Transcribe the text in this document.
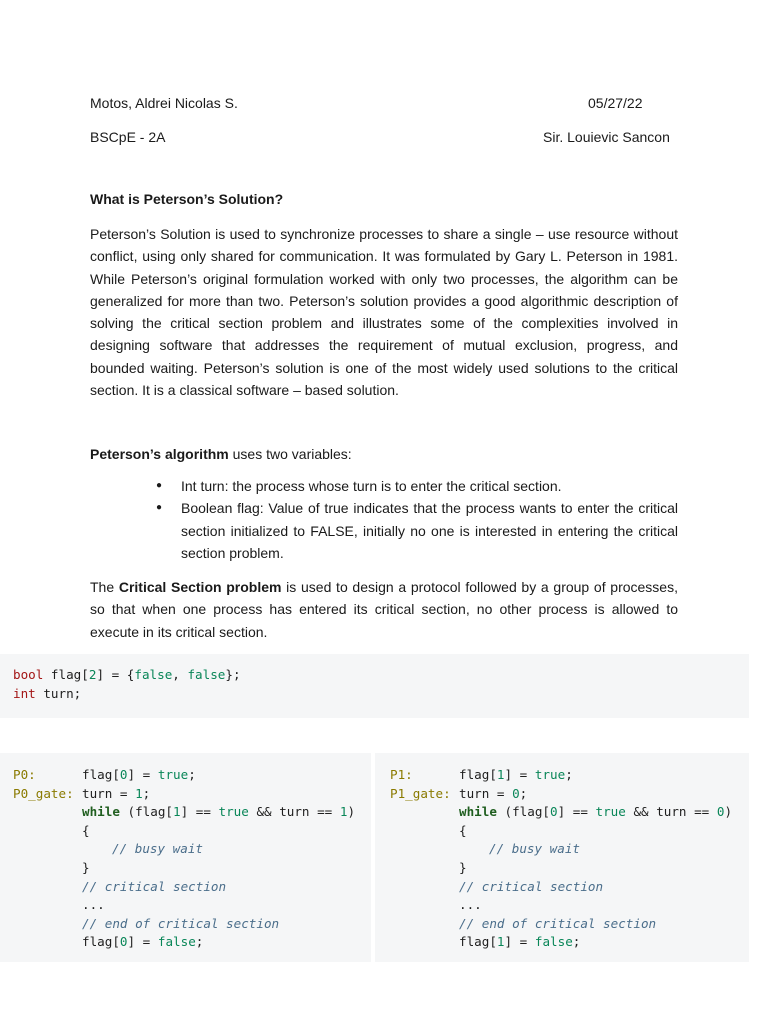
Motos, Aldrei Nicolas S.	05/27/22
BSCpE - 2A	Sir. Louievic Sancon
What is Peterson’s Solution?

Peterson’s Solution is used to synchronize processes to share a single – use resource without conflict, using only shared for communication. It was formulated by Gary L. Peterson in 1981. While Peterson’s original formulation worked with only two processes, the algorithm can be generalized for more than two. Peterson’s solution provides a good algorithmic description of solving the critical section problem and illustrates some of the complexities involved in designing software that addresses the requirement of mutual exclusion, progress, and bounded waiting. Peterson’s solution is one of the most widely used solutions to the critical section. It is a classical software – based solution.

Peterson’s algorithm uses two variables:

● Int turn: the process whose turn is to enter the critical section.
● Boolean flag: Value of true indicates that the process wants to enter the critical section initialized to FALSE, initially no one is interested in entering the critical section problem.

The Critical Section problem is used to design a protocol followed by a group of processes, so that when one process has entered its critical section, no other process is allowed to execute in its critical section.

bool flag[2] = {false, false};
int turn;
P0:	flag[0] = true;
P0_gate: turn = 1;
while (flag[1] == true && turn == 1)
{
// busy wait
}
// critical section
...
// end of critical section
flag[0] = false;
P1:	flag[1] = true;
P1_gate: turn = 0;
while (flag[0] == true && turn == 0)
{
// busy wait
}
// critical section
...
// end of critical section
flag[1] = false;
